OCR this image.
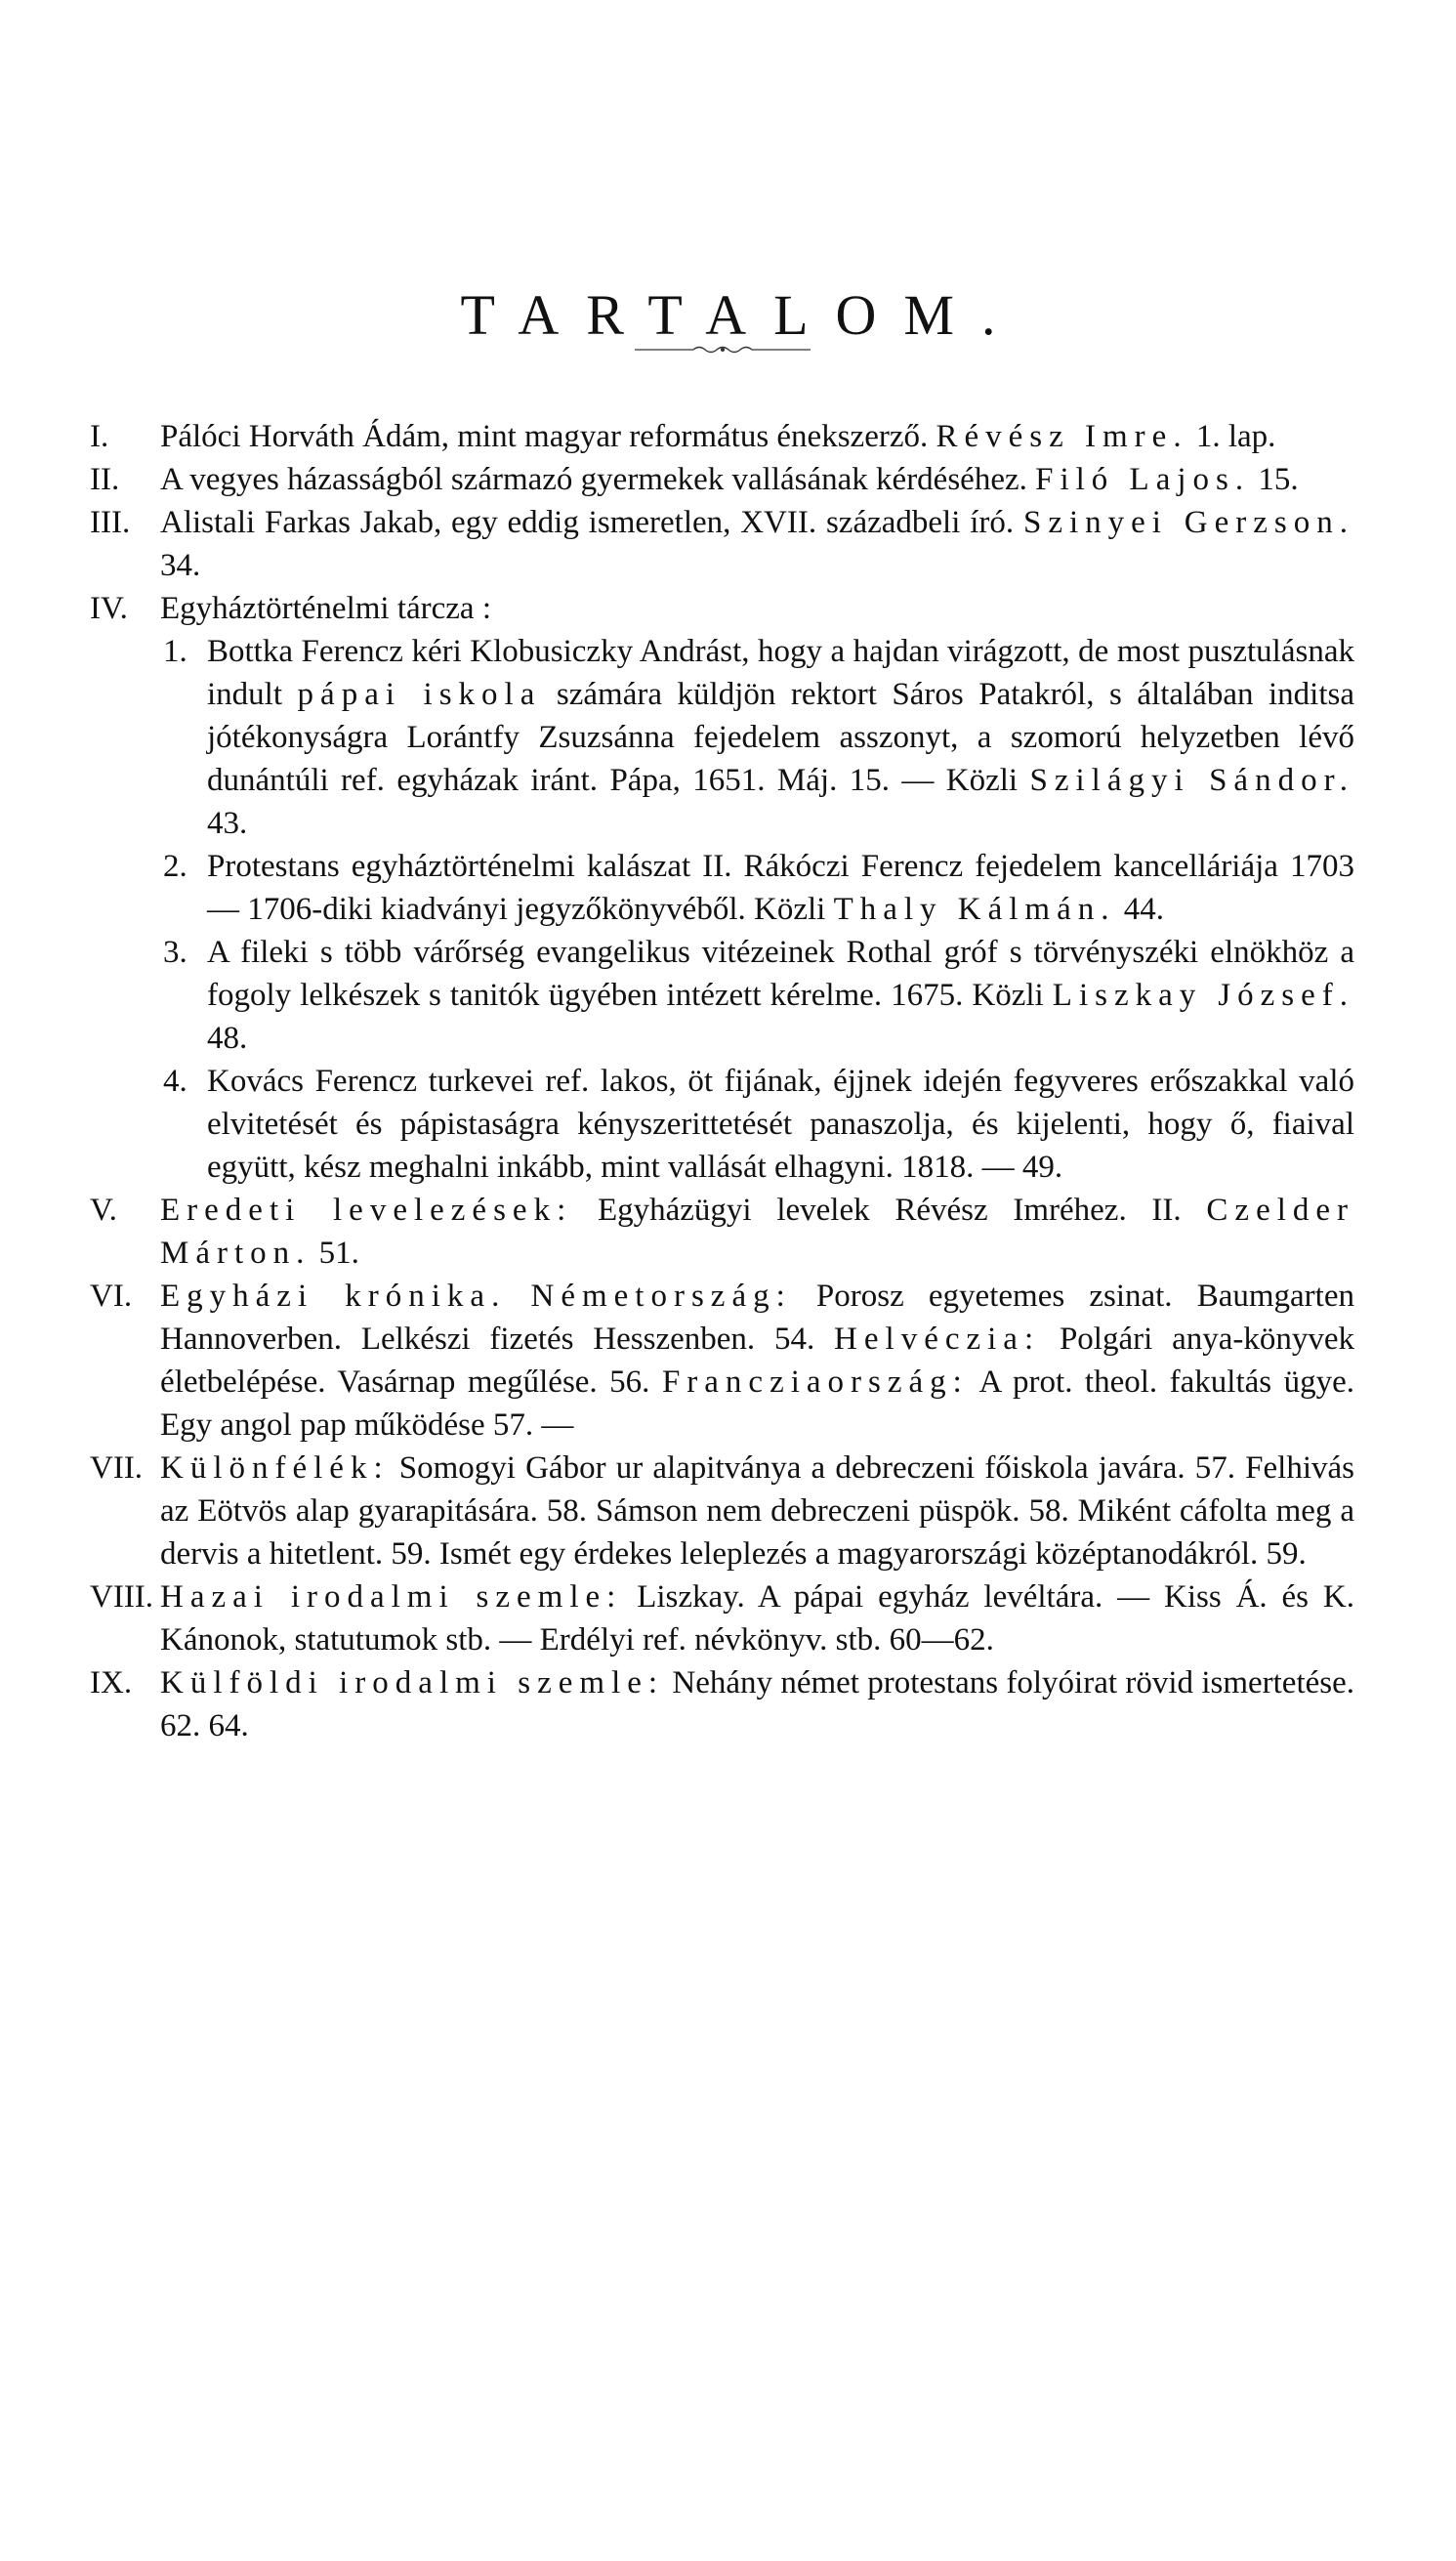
TARTALOM.

I. Pálóci Horváth Ádám, mint magyar református énekszerző. Révész Imre. 1. lap.

II. A vegyes házasságból származó gyermekek vallásának kérdéséhez. Filó Lajos. 15.

III. Alistali Farkas Jakab, egy eddig ismeretlen, XVII. századbeli író. Szinyei Gerzson. 34.

IV. Egyháztörténelmi tárcza :

1. Bottka Ferencz kéri Klobusiczky Andrást, hogy a hajdan virágzott, de most pusztulásnak indult pápai iskola számára küldjön rektort Sáros Patakról, s általában inditsa jótékonyságra Lorántfy Zsuzsánna fejedelem asszonyt, a szomorú helyzetben lévő dunántúli ref. egyházak iránt. Pápa, 1651. Máj. 15. — Közli Szilágyi Sándor. 43.

2. Protestans egyháztörténelmi kalászat II. Rákóczi Ferencz fejedelem kancelláriája 1703 — 1706-diki kiadványi jegyzőkönyvéből. Közli Thaly Kálmán. 44.

3. A fileki s több várőrség evangelikus vitézeinek Rothal gróf s törvényszéki elnökhöz a fogoly lelkészek s tanitók ügyében intézett kérelme. 1675. Közli Liszkay József. 48.

4. Kovács Ferencz turkevei ref. lakos, öt fijának, éjjnek idején fegyveres erőszakkal való elvitetését és pápistaságra kényszerittetését panaszolja, és kijelenti, hogy ő, fiaival együtt, kész meghalni inkább, mint vallását elhagyni. 1818. — 49.

V. Eredeti levelezések: Egyházügyi levelek Révész Imréhez. II. Czelder Márton. 51.

VI. Egyházi krónika. Németország: Porosz egyetemes zsinat. Baumgarten Hannoverben. Lelkészi fizetés Hesszenben. 54. Helvéczia: Polgári anya-könyvek életbelépése. Vasárnap megűlése. 56. Francziaország: A prot. theol. fakultás ügye. Egy angol pap működése 57. —

VII. Különfélék: Somogyi Gábor ur alapitványa a debreczeni főiskola javára. 57. Felhivás az Eötvös alap gyarapitására. 58. Sámson nem debreczeni püspök. 58. Miként cáfolta meg a dervis a hitetlent. 59. Ismét egy érdekes leleplezés a magyarországi középtanodákról. 59.

VIII. Hazai irodalmi szemle: Liszkay. A pápai egyház levéltára. — Kiss Á. és K. Kánonok, statutumok stb. — Erdélyi ref. névkönyv. stb. 60—62.

IX. Külföldi irodalmi szemle: Nehány német protestans folyóirat rövid ismertetése. 62. 64.
